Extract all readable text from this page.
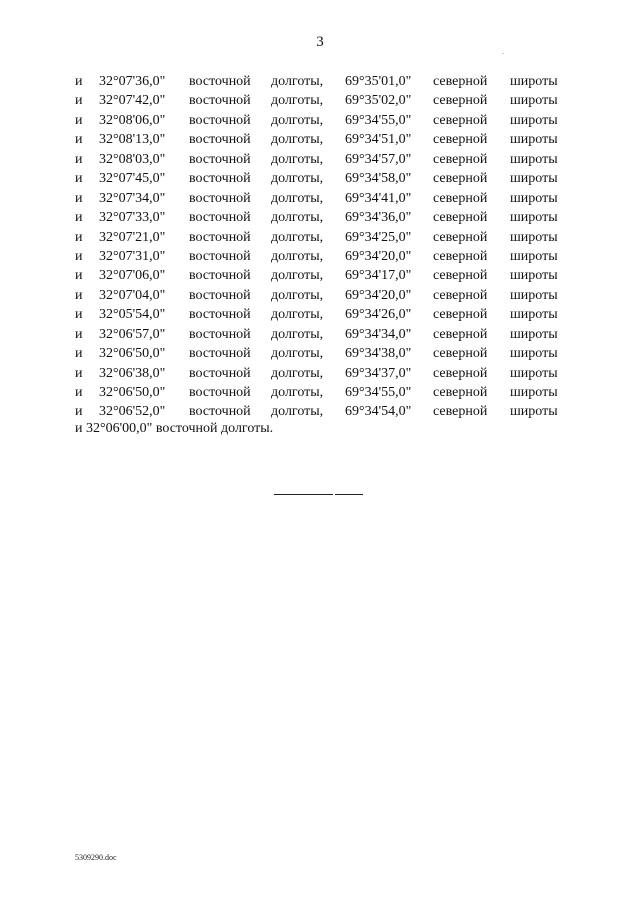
3
.
и 32°07'36,0" восточной долготы, 69°35'01,0" северной широты
и 32°07'42,0" восточной долготы, 69°35'02,0" северной широты
и 32°08'06,0" восточной долготы, 69°34'55,0" северной широты
и 32°08'13,0" восточной долготы, 69°34'51,0" северной широты
и 32°08'03,0" восточной долготы, 69°34'57,0" северной широты
и 32°07'45,0" восточной долготы, 69°34'58,0" северной широты
и 32°07'34,0" восточной долготы, 69°34'41,0" северной широты
и 32°07'33,0" восточной долготы, 69°34'36,0" северной широты
и 32°07'21,0" восточной долготы, 69°34'25,0" северной широты
и 32°07'31,0" восточной долготы, 69°34'20,0" северной широты
и 32°07'06,0" восточной долготы, 69°34'17,0" северной широты
и 32°07'04,0" восточной долготы, 69°34'20,0" северной широты
и 32°05'54,0" восточной долготы, 69°34'26,0" северной широты
и 32°06'57,0" восточной долготы, 69°34'34,0" северной широты
и 32°06'50,0" восточной долготы, 69°34'38,0" северной широты
и 32°06'38,0" восточной долготы, 69°34'37,0" северной широты
и 32°06'50,0" восточной долготы, 69°34'55,0" северной широты
и 32°06'52,0" восточной долготы, 69°34'54,0" северной широты
и 32°06'00,0" восточной долготы.
5309290.doc
